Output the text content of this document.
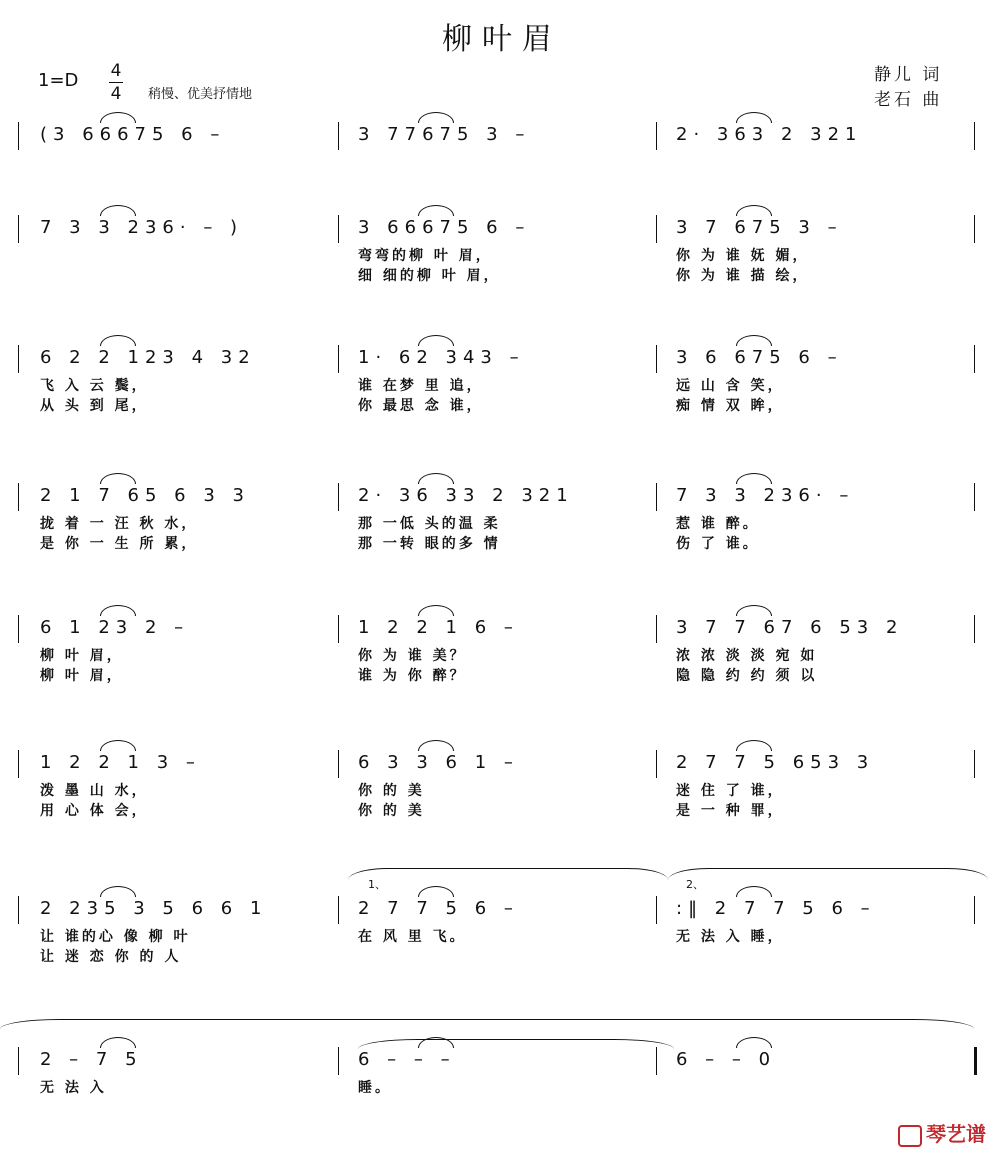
柳叶眉
1=D 4
4 稍慢、优美抒情地
静儿 词
老石 曲
(3 66675 6 –	3 77675 3 –	2· 363 2 321
7 3 3 236· – )	3 66675 6 –	3 7 675 3 –
弯弯的柳 叶 眉，	你 为 谁 妩 媚，
细 细的柳 叶 眉，	你 为 谁 描 绘，
6 2 2 123 4 32	1· 62 343 –	3 6 675 6 –
飞 入 云 鬓，	谁 在梦 里 追，	远 山 含 笑，
从 头 到 尾，	你 最思 念 谁，	痴 情 双 眸，
2 1 7 65 6 3 3	2· 36 33 2 321	7 3 3 236· –
拢 着 一 汪 秋 水，	那 一低 头的温 柔	惹 谁 醉。
是 你 一 生 所 累，	那 一转 眼的多 情	伤 了 谁。
6 1 23 2 –	1 2 2 1 6 –	3 7 7 67 6 53 2
柳 叶 眉，	你 为 谁 美？	浓 浓 淡 淡 宛 如
柳 叶 眉，	谁 为 你 醉？	隐 隐 约 约 须 以
1 2 2 1 3 –	6 3 3 6 1 –	2 7 7 5 653 3
泼 墨 山 水，	你 的 美	迷 住 了 谁，
用 心 体 会，	你 的 美	是 一 种 罪，
2 235 3 5 6 6 1	2 7 7 5 6 –	:‖ 2 7 7 5 6 –
让 谁的心 像 柳 叶	在 风 里 飞。	无 法 入 睡，
让 迷 恋 你 的 人
1、	2、
2 – 7 5	6 – – –	6 – – 0
无 法 入	睡。
琴艺谱
